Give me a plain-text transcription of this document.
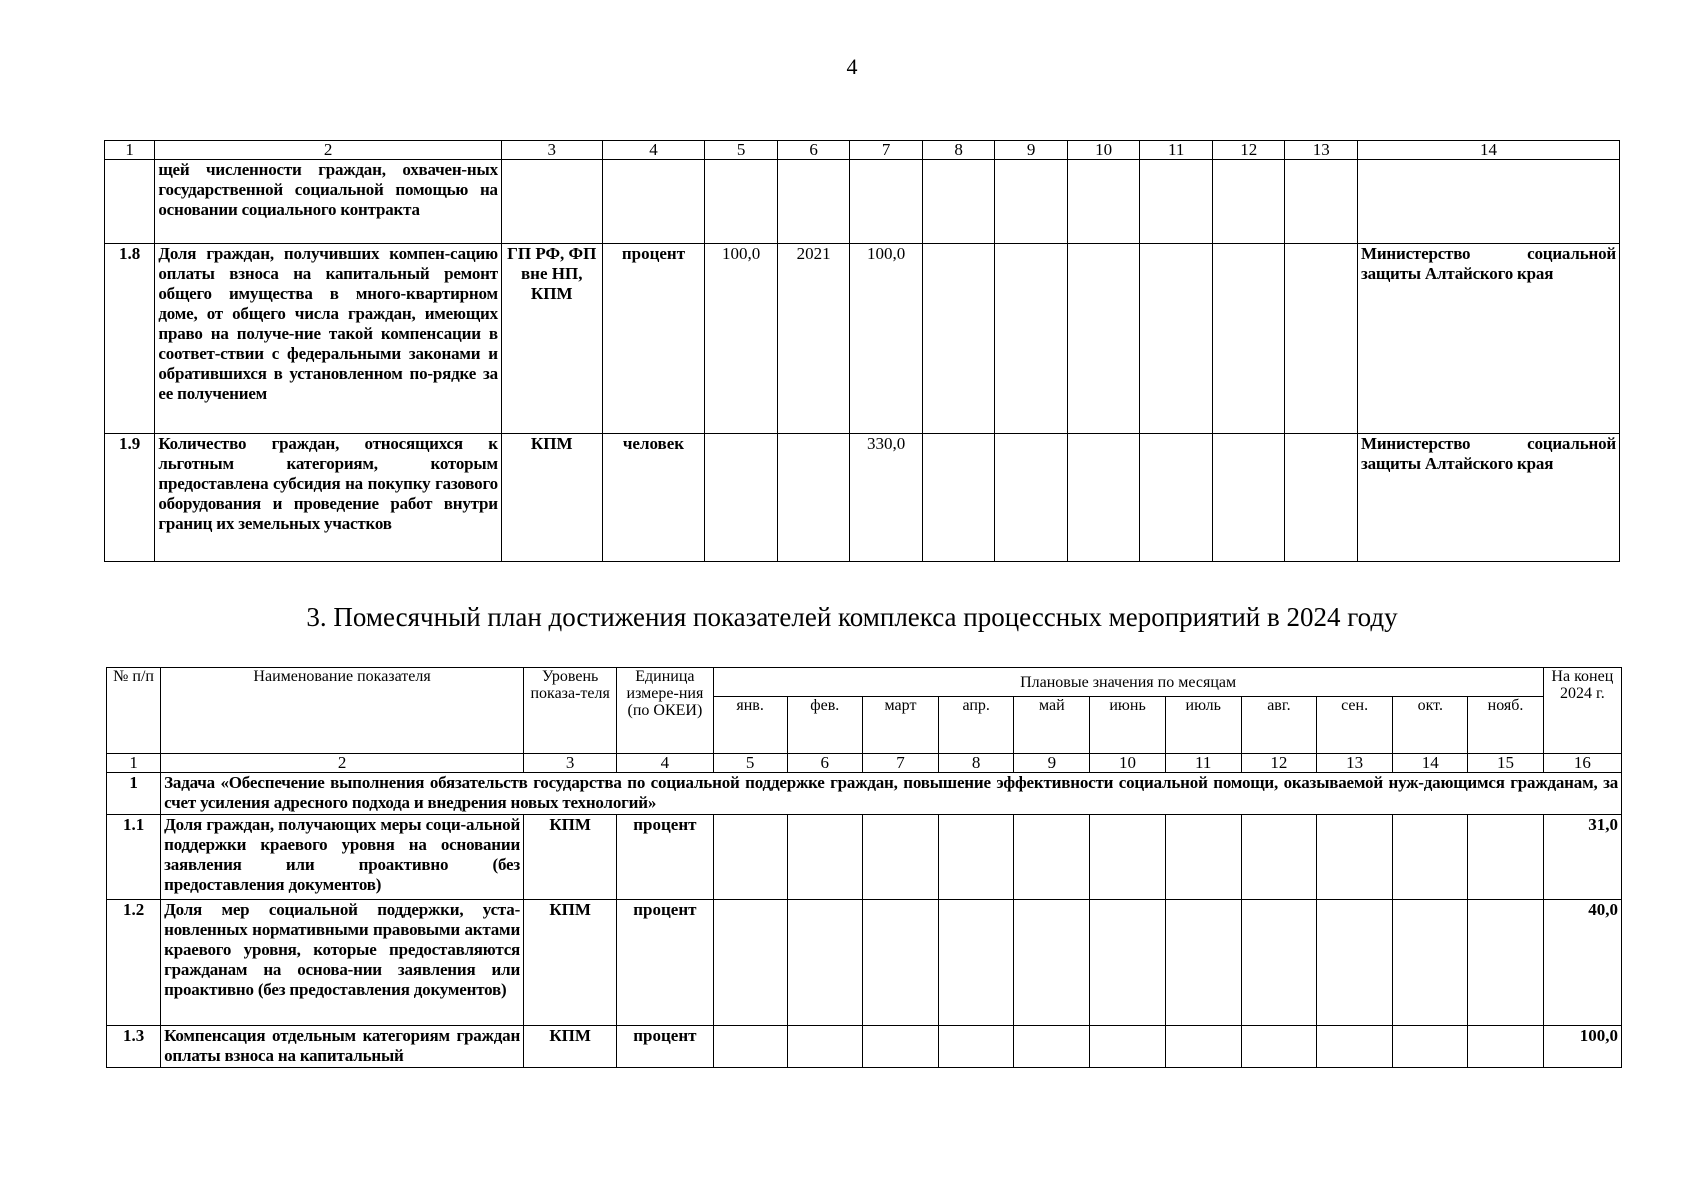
4
1	2	3	4	5	6	7	8	9	10	11	12	13	14
	щей численности граждан, охвачен-ных государственной социальной помощью на основании социального контракта												
1.8	Доля граждан, получивших компен-сацию оплаты взноса на капитальный ремонт общего имущества в много-квартирном доме, от общего числа граждан, имеющих право на получе-ние такой компенсации в соответ-ствии с федеральными законами и обратившихся в установленном по-рядке за ее получением	ГП РФ, ФП вне НП, КПМ	процент	100,0	2021	100,0							Министерство социальной защиты Алтайского края
1.9	Количество граждан, относящихся к льготным категориям, которым предоставлена субсидия на покупку газового оборудования и проведение работ внутри границ их земельных участков	КПМ	человек			330,0							Министерство социальной защиты Алтайского края
3. Помесячный план достижения показателей комплекса процессных мероприятий в 2024 году
№ п/п	Наименование показателя	Уровень показа-теля	Единица измере-ния (по ОКЕИ)	Плановые значения по месяцам											На конец 2024 г.
				янв.	фев.	март	апр.	май	июнь	июль	авг.	сен.	окт.	нояб.	
1	2	3	4	5	6	7	8	9	10	11	12	13	14	15	16
1	Задача «Обеспечение выполнения обязательств государства по социальной поддержке граждан, повышение эффективности социальной помощи, оказываемой нуж-дающимся гражданам, за счет усиления адресного подхода и внедрения новых технологий»														
1.1	Доля граждан, получающих меры соци-альной поддержки краевого уровня на основании заявления или проактивно (без предоставления документов)	КПМ	процент												31,0
1.2	Доля мер социальной поддержки, уста-новленных нормативными правовыми актами краевого уровня, которые предоставляются гражданам на основа-нии заявления или проактивно (без предоставления документов)	КПМ	процент												40,0
1.3	Компенсация отдельным категориям граждан оплаты взноса на капитальный	КПМ	процент												100,0
